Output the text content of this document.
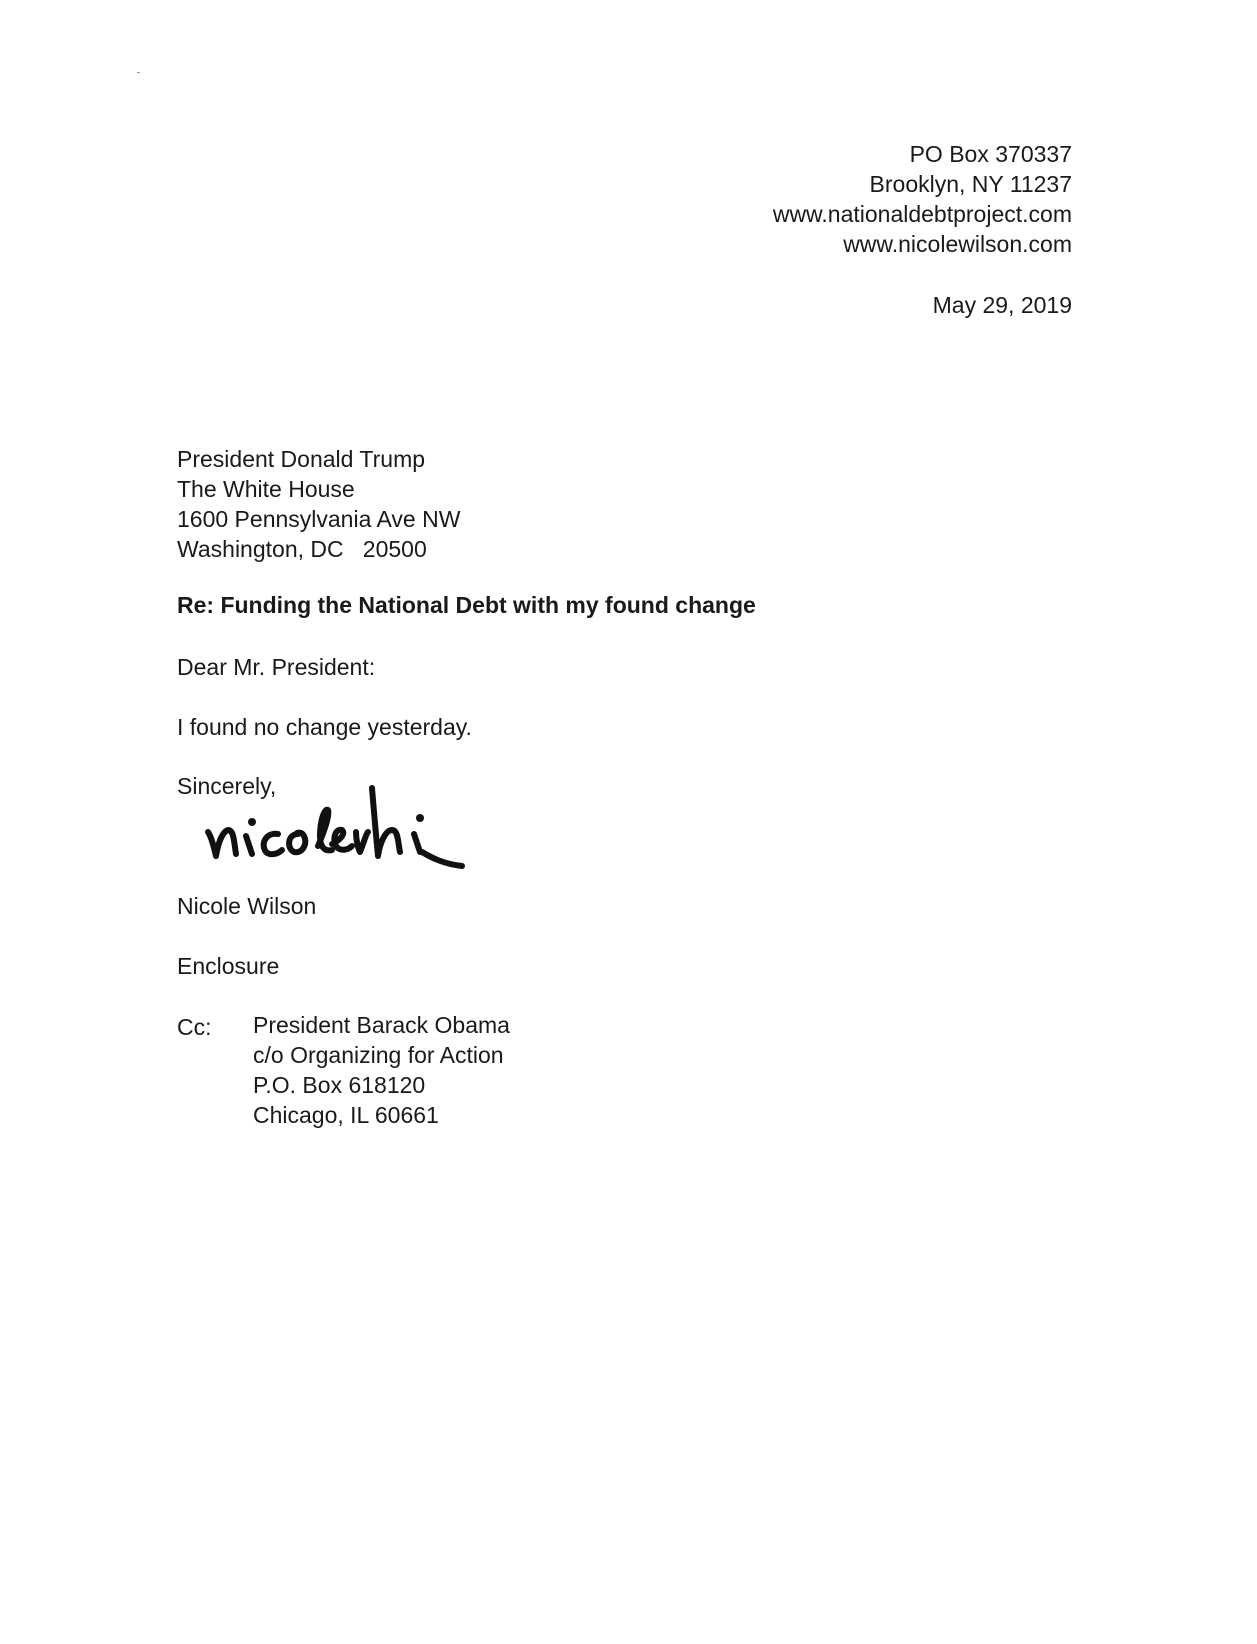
PO Box 370337
Brooklyn, NY 11237
www.nationaldebtproject.com
www.nicolewilson.com
May 29, 2019
President Donald Trump
The White House
1600 Pennsylvania Ave NW
Washington, DC   20500
Re: Funding the National Debt with my found change
Dear Mr. President:
I found no change yesterday.
Sincerely,
Nicole Wilson
Enclosure
Cc: President Barack Obama
c/o Organizing for Action
P.O. Box 618120
Chicago, IL 60661
